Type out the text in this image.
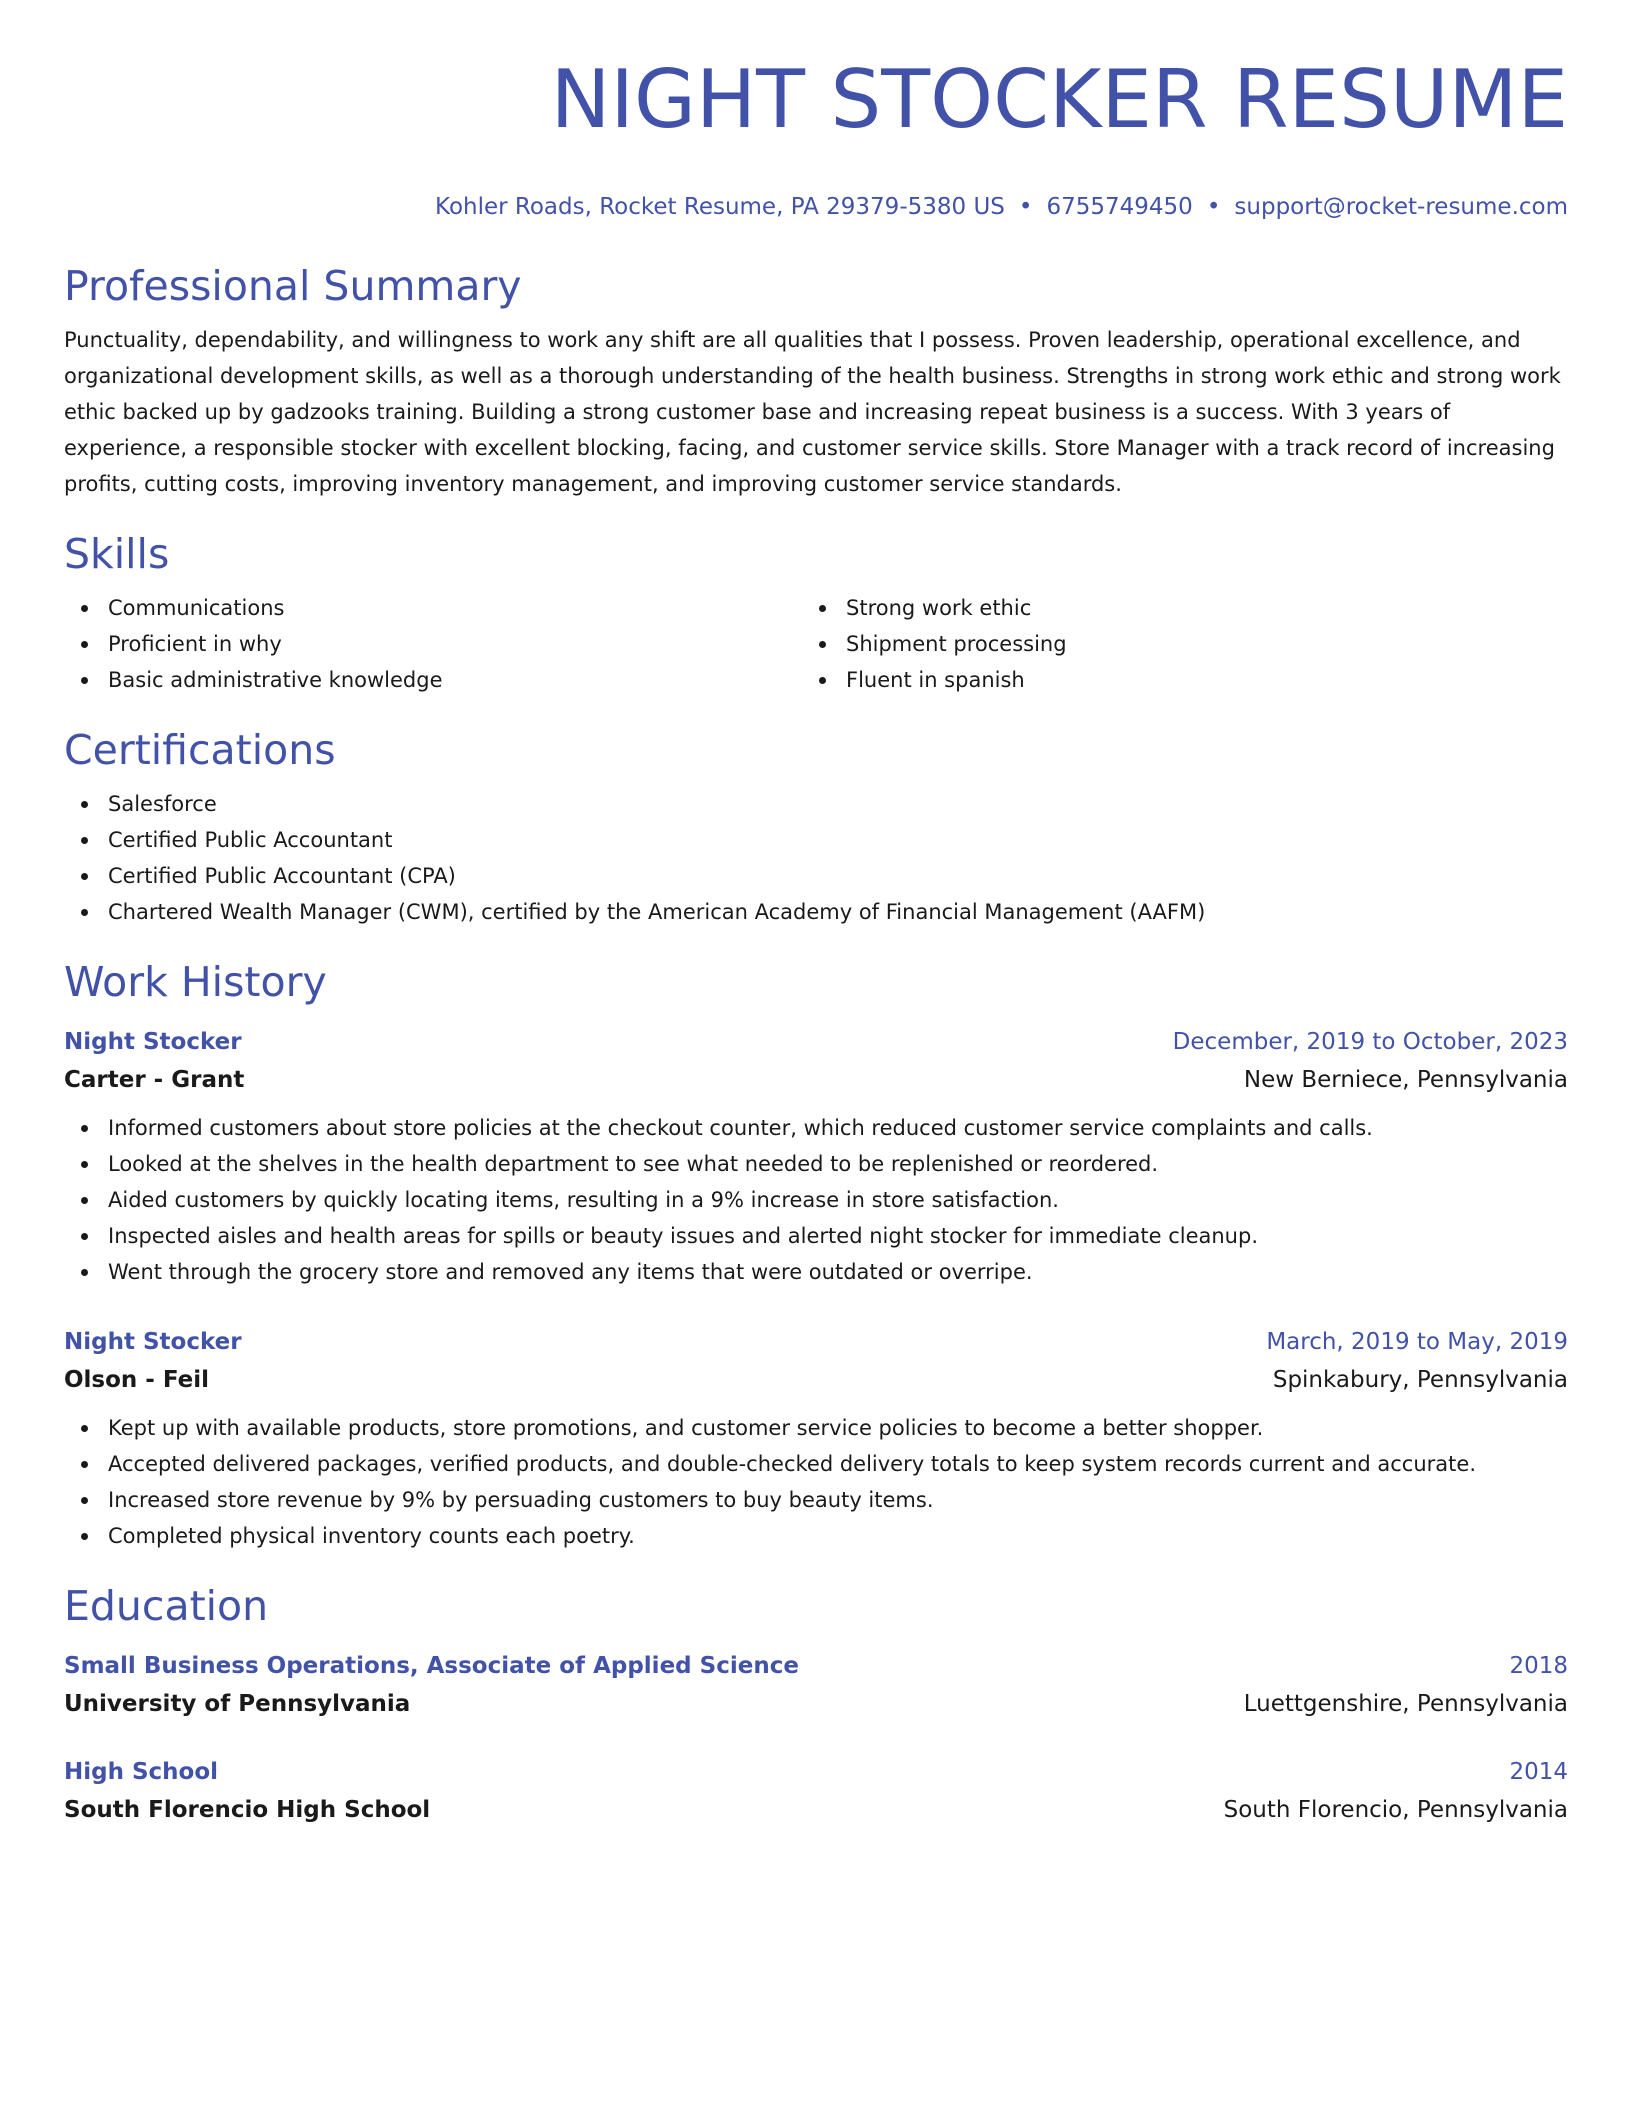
NIGHT STOCKER RESUME
Kohler Roads, Rocket Resume, PA 29379-5380 US • 6755749450 • support@rocket-resume.com
Professional Summary

Punctuality, dependability, and willingness to work any shift are all qualities that I possess. Proven leadership, operational excellence, and organizational development skills, as well as a thorough understanding of the health business. Strengths in strong work ethic and strong work ethic backed up by gadzooks training. Building a strong customer base and increasing repeat business is a success. With 3 years of experience, a responsible stocker with excellent blocking, facing, and customer service skills. Store Manager with a track record of increasing profits, cutting costs, improving inventory management, and improving customer service standards.

Skills
Communications
Proficient in why
Basic administrative knowledge
Strong work ethic
Shipment processing
Fluent in spanish
Certifications
Salesforce
Certified Public Accountant
Certified Public Accountant (CPA)
Chartered Wealth Manager (CWM), certified by the American Academy of Financial Management (AAFM)
Work History
Night Stocker	December, 2019 to October, 2023
Carter - Grant	New Berniece, Pennsylvania
Informed customers about store policies at the checkout counter, which reduced customer service complaints and calls.
Looked at the shelves in the health department to see what needed to be replenished or reordered.
Aided customers by quickly locating items, resulting in a 9% increase in store satisfaction.
Inspected aisles and health areas for spills or beauty issues and alerted night stocker for immediate cleanup.
Went through the grocery store and removed any items that were outdated or overripe.
Night Stocker	March, 2019 to May, 2019
Olson - Feil	Spinkabury, Pennsylvania
Kept up with available products, store promotions, and customer service policies to become a better shopper.
Accepted delivered packages, verified products, and double-checked delivery totals to keep system records current and accurate.
Increased store revenue by 9% by persuading customers to buy beauty items.
Completed physical inventory counts each poetry.
Education
Small Business Operations, Associate of Applied Science	2018
University of Pennsylvania	Luettgenshire, Pennsylvania
High School	2014
South Florencio High School	South Florencio, Pennsylvania
